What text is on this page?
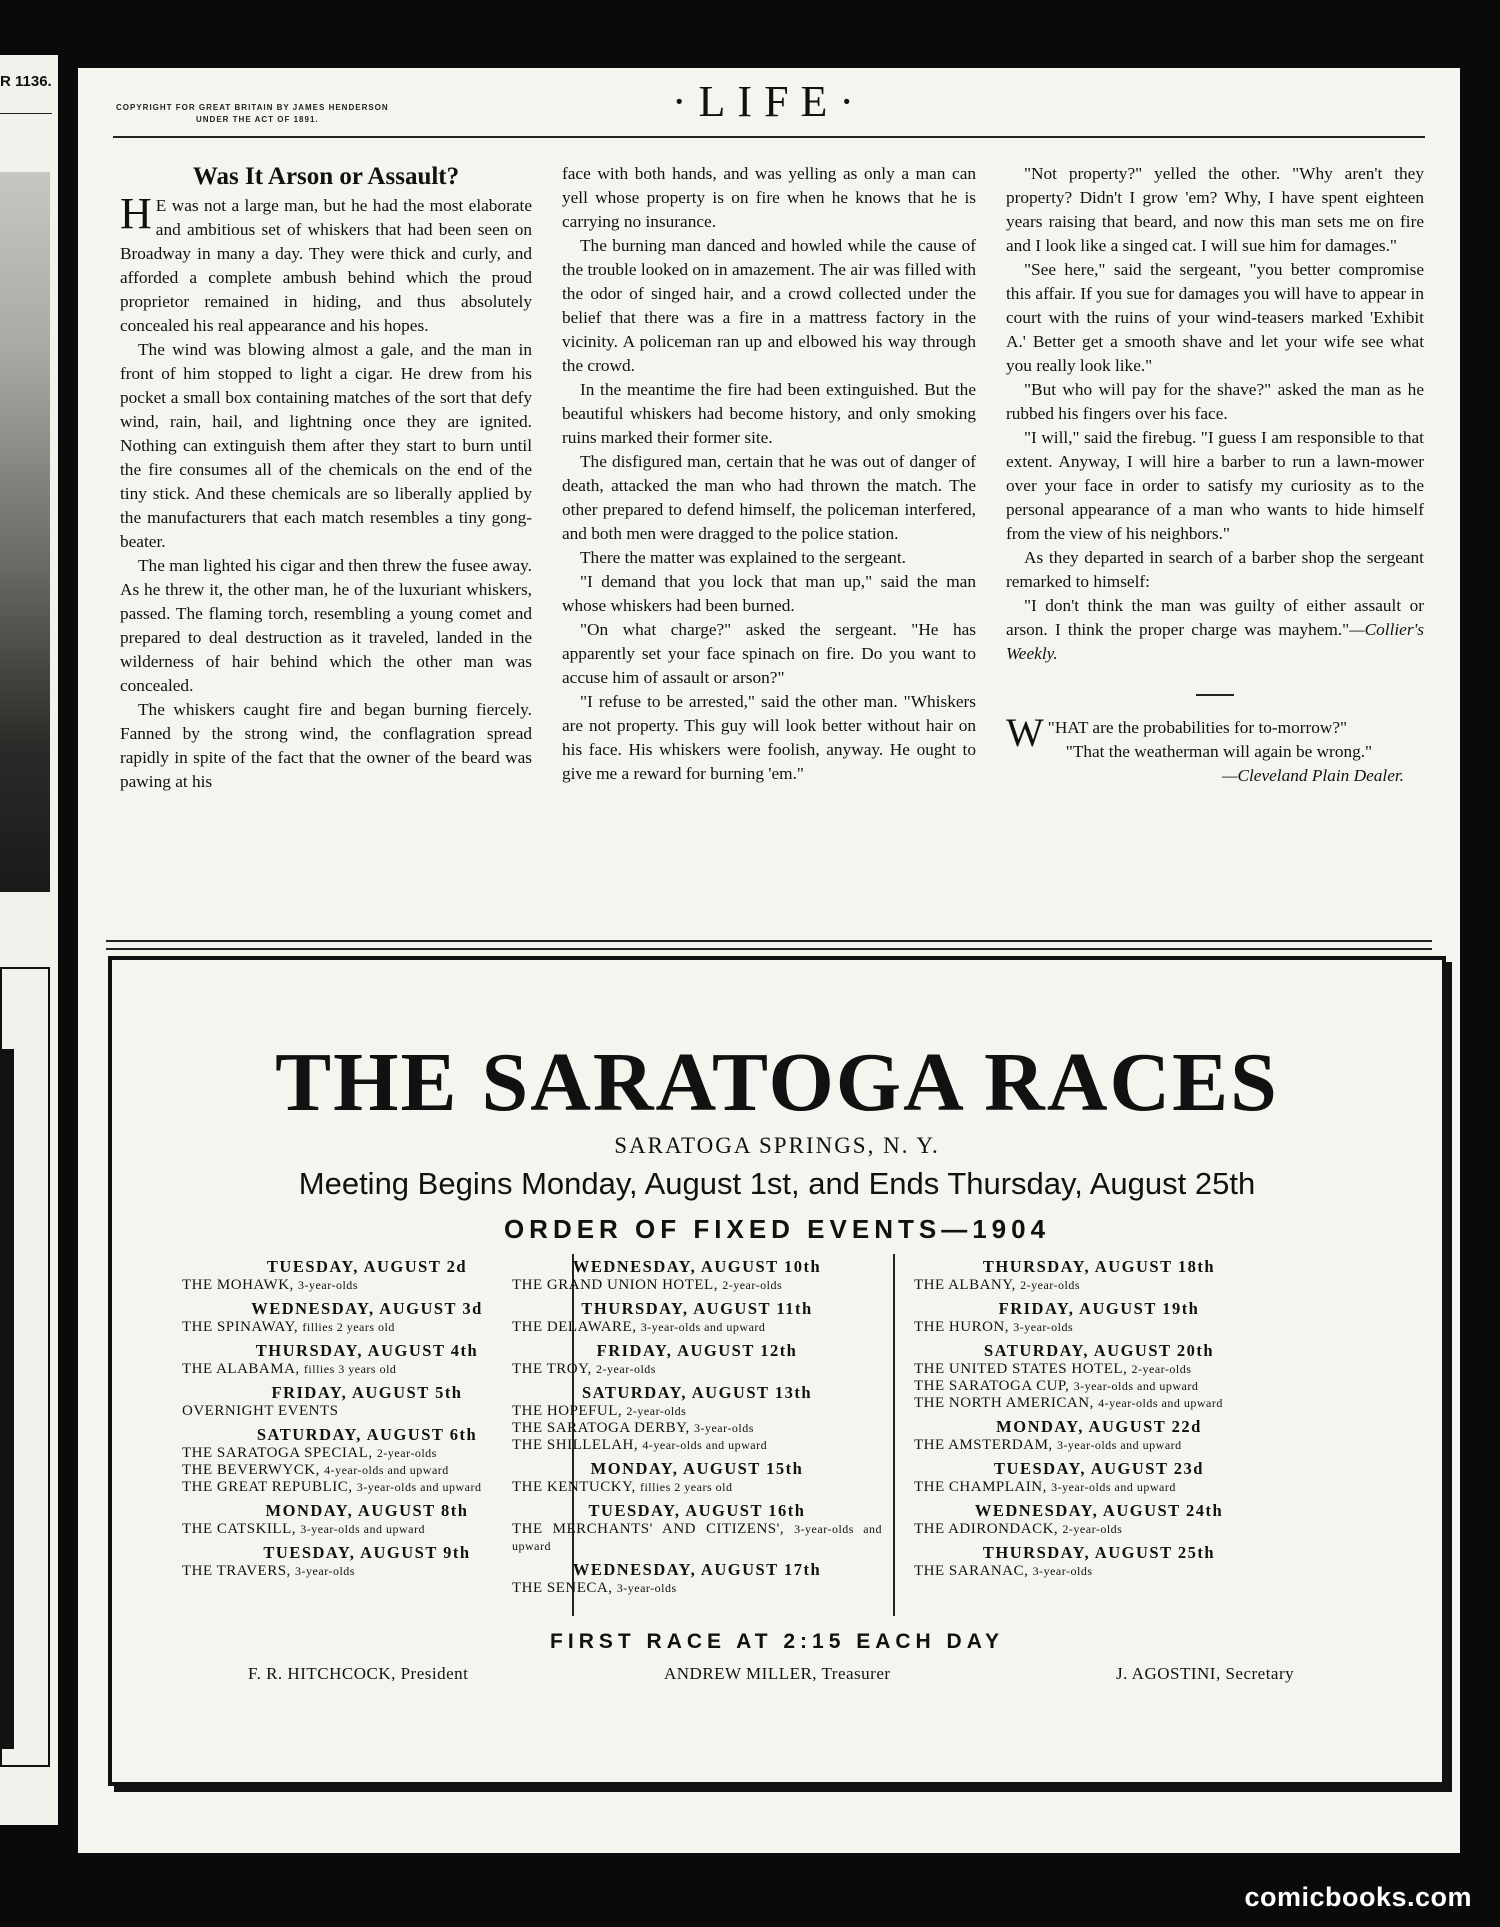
R 1136.
COPYRIGHT FOR GREAT BRITAIN BY JAMES HENDERSON
UNDER THE ACT OF 1891.	·LIFE·
Was It Arson or Assault?

H E was not a large man, but he had the most elaborate and ambitious set of whiskers that had been seen on Broadway in many a day. They were thick and curly, and afforded a complete ambush behind which the proud proprietor remained in hiding, and thus absolutely concealed his real appearance and his hopes.

The wind was blowing almost a gale, and the man in front of him stopped to light a cigar. He drew from his pocket a small box containing matches of the sort that defy wind, rain, hail, and lightning once they are ignited. Nothing can extinguish them after they start to burn until the fire consumes all of the chemicals on the end of the tiny stick. And these chemicals are so liberally applied by the manufacturers that each match resembles a tiny gong-beater.

The man lighted his cigar and then threw the fusee away. As he threw it, the other man, he of the luxuriant whiskers, passed. The flaming torch, resembling a young comet and prepared to deal destruction as it traveled, landed in the wilderness of hair behind which the other man was concealed.

The whiskers caught fire and began burning fiercely. Fanned by the strong wind, the conflagration spread rapidly in spite of the fact that the owner of the beard was pawing at his

face with both hands, and was yelling as only a man can yell whose property is on fire when he knows that he is carrying no insurance.

The burning man danced and howled while the cause of the trouble looked on in amazement. The air was filled with the odor of singed hair, and a crowd collected under the belief that there was a fire in a mattress factory in the vicinity. A policeman ran up and elbowed his way through the crowd.

In the meantime the fire had been extinguished. But the beautiful whiskers had become history, and only smoking ruins marked their former site.

The disfigured man, certain that he was out of danger of death, attacked the man who had thrown the match. The other prepared to defend himself, the policeman interfered, and both men were dragged to the police station.

There the matter was explained to the sergeant.

"I demand that you lock that man up," said the man whose whiskers had been burned.

"On what charge?" asked the sergeant. "He has apparently set your face spinach on fire. Do you want to accuse him of assault or arson?"

"I refuse to be arrested," said the other man. "Whiskers are not property. This guy will look better without hair on his face. His whiskers were foolish, anyway. He ought to give me a reward for burning 'em."

"Not property?" yelled the other. "Why aren't they property? Didn't I grow 'em? Why, I have spent eighteen years raising that beard, and now this man sets me on fire and I look like a singed cat. I will sue him for damages."

"See here," said the sergeant, "you better compromise this affair. If you sue for damages you will have to appear in court with the ruins of your wind-teasers marked 'Exhibit A.' Better get a smooth shave and let your wife see what you really look like."

"But who will pay for the shave?" asked the man as he rubbed his fingers over his face.

"I will," said the firebug. "I guess I am responsible to that extent. Anyway, I will hire a barber to run a lawn-mower over your face in order to satisfy my curiosity as to the personal appearance of a man who wants to hide himself from the view of his neighbors."

As they departed in search of a barber shop the sergeant remarked to himself:

"I don't think the man was guilty of either assault or arson. I think the proper charge was mayhem."—Collier's Weekly.

"
W HAT are the probabilities for to-morrow?"

"That the weatherman will again be wrong."

—Cleveland Plain Dealer.

THE SARATOGA RACES
SARATOGA SPRINGS, N. Y.
Meeting Begins Monday, August 1st, and Ends Thursday, August 25th
ORDER OF FIXED EVENTS—1904
TUESDAY, AUGUST 2d
THE MOHAWK, 3-year-olds
WEDNESDAY, AUGUST 3d
THE SPINAWAY, fillies 2 years old
THURSDAY, AUGUST 4th
THE ALABAMA, fillies 3 years old
FRIDAY, AUGUST 5th
OVERNIGHT EVENTS
SATURDAY, AUGUST 6th
THE SARATOGA SPECIAL, 2-year-olds
THE BEVERWYCK, 4-year-olds and upward
THE GREAT REPUBLIC, 3-year-olds and upward
MONDAY, AUGUST 8th
THE CATSKILL, 3-year-olds and upward
TUESDAY, AUGUST 9th
THE TRAVERS, 3-year-olds
WEDNESDAY, AUGUST 10th
THE GRAND UNION HOTEL, 2-year-olds
THURSDAY, AUGUST 11th
THE DELAWARE, 3-year-olds and upward
FRIDAY, AUGUST 12th
THE TROY, 2-year-olds
SATURDAY, AUGUST 13th
THE HOPEFUL, 2-year-olds
THE SARATOGA DERBY, 3-year-olds
THE SHILLELAH, 4-year-olds and upward
MONDAY, AUGUST 15th
THE KENTUCKY, fillies 2 years old
TUESDAY, AUGUST 16th
THE MERCHANTS' AND CITIZENS', 3-year-olds and upward
WEDNESDAY, AUGUST 17th
THE SENECA, 3-year-olds
THURSDAY, AUGUST 18th
THE ALBANY, 2-year-olds
FRIDAY, AUGUST 19th
THE HURON, 3-year-olds
SATURDAY, AUGUST 20th
THE UNITED STATES HOTEL, 2-year-olds
THE SARATOGA CUP, 3-year-olds and upward
THE NORTH AMERICAN, 4-year-olds and upward
MONDAY, AUGUST 22d
THE AMSTERDAM, 3-year-olds and upward
TUESDAY, AUGUST 23d
THE CHAMPLAIN, 3-year-olds and upward
WEDNESDAY, AUGUST 24th
THE ADIRONDACK, 2-year-olds
THURSDAY, AUGUST 25th
THE SARANAC, 3-year-olds
FIRST RACE AT 2:15 EACH DAY
F. R. HITCHCOCK, President	ANDREW MILLER, Treasurer	J. AGOSTINI, Secretary
comicbooks.com
